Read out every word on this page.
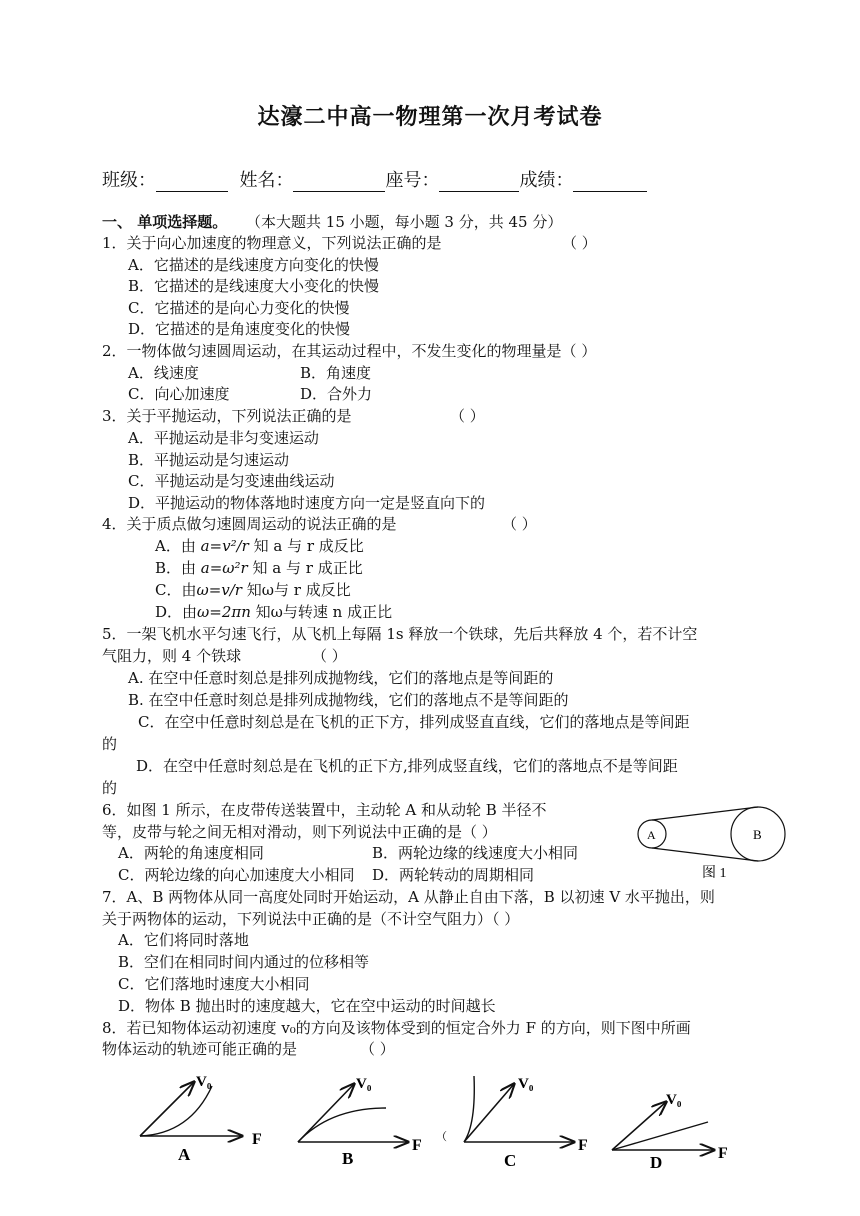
达濠二中高一物理第一次月考试卷
班级：	姓名：	座号：	成绩：
一、 单项选择题。 （本大题共 15 小题，每小题 3 分，共 45 分）
1．关于向心加速度的物理意义，下列说法正确的是	（ ）
A．它描述的是线速度方向变化的快慢
B．它描述的是线速度大小变化的快慢
C．它描述的是向心力变化的快慢
D．它描述的是角速度变化的快慢
2．一物体做匀速圆周运动，在其运动过程中，不发生变化的物理量是（ ）
A．线速度	B．角速度
C．向心加速度	D．合外力
3．关于平抛运动，下列说法正确的是	（ ）
A．平抛运动是非匀变速运动
B．平抛运动是匀速运动
C．平抛运动是匀变速曲线运动
D．平抛运动的物体落地时速度方向一定是竖直向下的
4．关于质点做匀速圆周运动的说法正确的是	（ ）
A．由 a=v²/r 知 a 与 r 成反比
B．由 a=ω²r 知 a 与 r 成正比
C．由ω=v/r 知ω与 r 成反比
D．由ω=2πn 知ω与转速 n 成正比
5．一架飞机水平匀速飞行，从飞机上每隔 1s 释放一个铁球，先后共释放 4 个，若不计空
气阻力，则 4 个铁球	（ ）
A. 在空中任意时刻总是排列成抛物线，它们的落地点是等间距的
B. 在空中任意时刻总是排列成抛物线，它们的落地点不是等间距的
C．在空中任意时刻总是在飞机的正下方，排列成竖直直线，它们的落地点是等间距
的
D．在空中任意时刻总是在飞机的正下方,排列成竖直线，它们的落地点不是等间距
的
6．如图 1 所示，在皮带传送装置中，主动轮 A 和从动轮 B 半径不
等，皮带与轮之间无相对滑动，则下列说法中正确的是（ ）
A．两轮的角速度相同	B．两轮边缘的线速度大小相同
C．两轮边缘的向心加速度大小相同 D．两轮转动的周期相同
A	B
图 1
7．A、B 两物体从同一高度处同时开始运动，A 从静止自由下落，B 以初速 V 水平抛出，则
关于两物体的运动，下列说法中正确的是（不计空气阻力）（ ）
A．它们将同时落地
B．空们在相同时间内通过的位移相等
C．它们落地时速度大小相同
D．物体 B 抛出时的速度越大，它在空中运动的时间越长
8．若已知物体运动初速度 v₀的方向及该物体受到的恒定合外力 F 的方向，则下图中所画
物体运动的轨迹可能正确的是	（ ）
V₀
F
A
V₀
F
B
（
V₀
F
C
V₀
F
D
